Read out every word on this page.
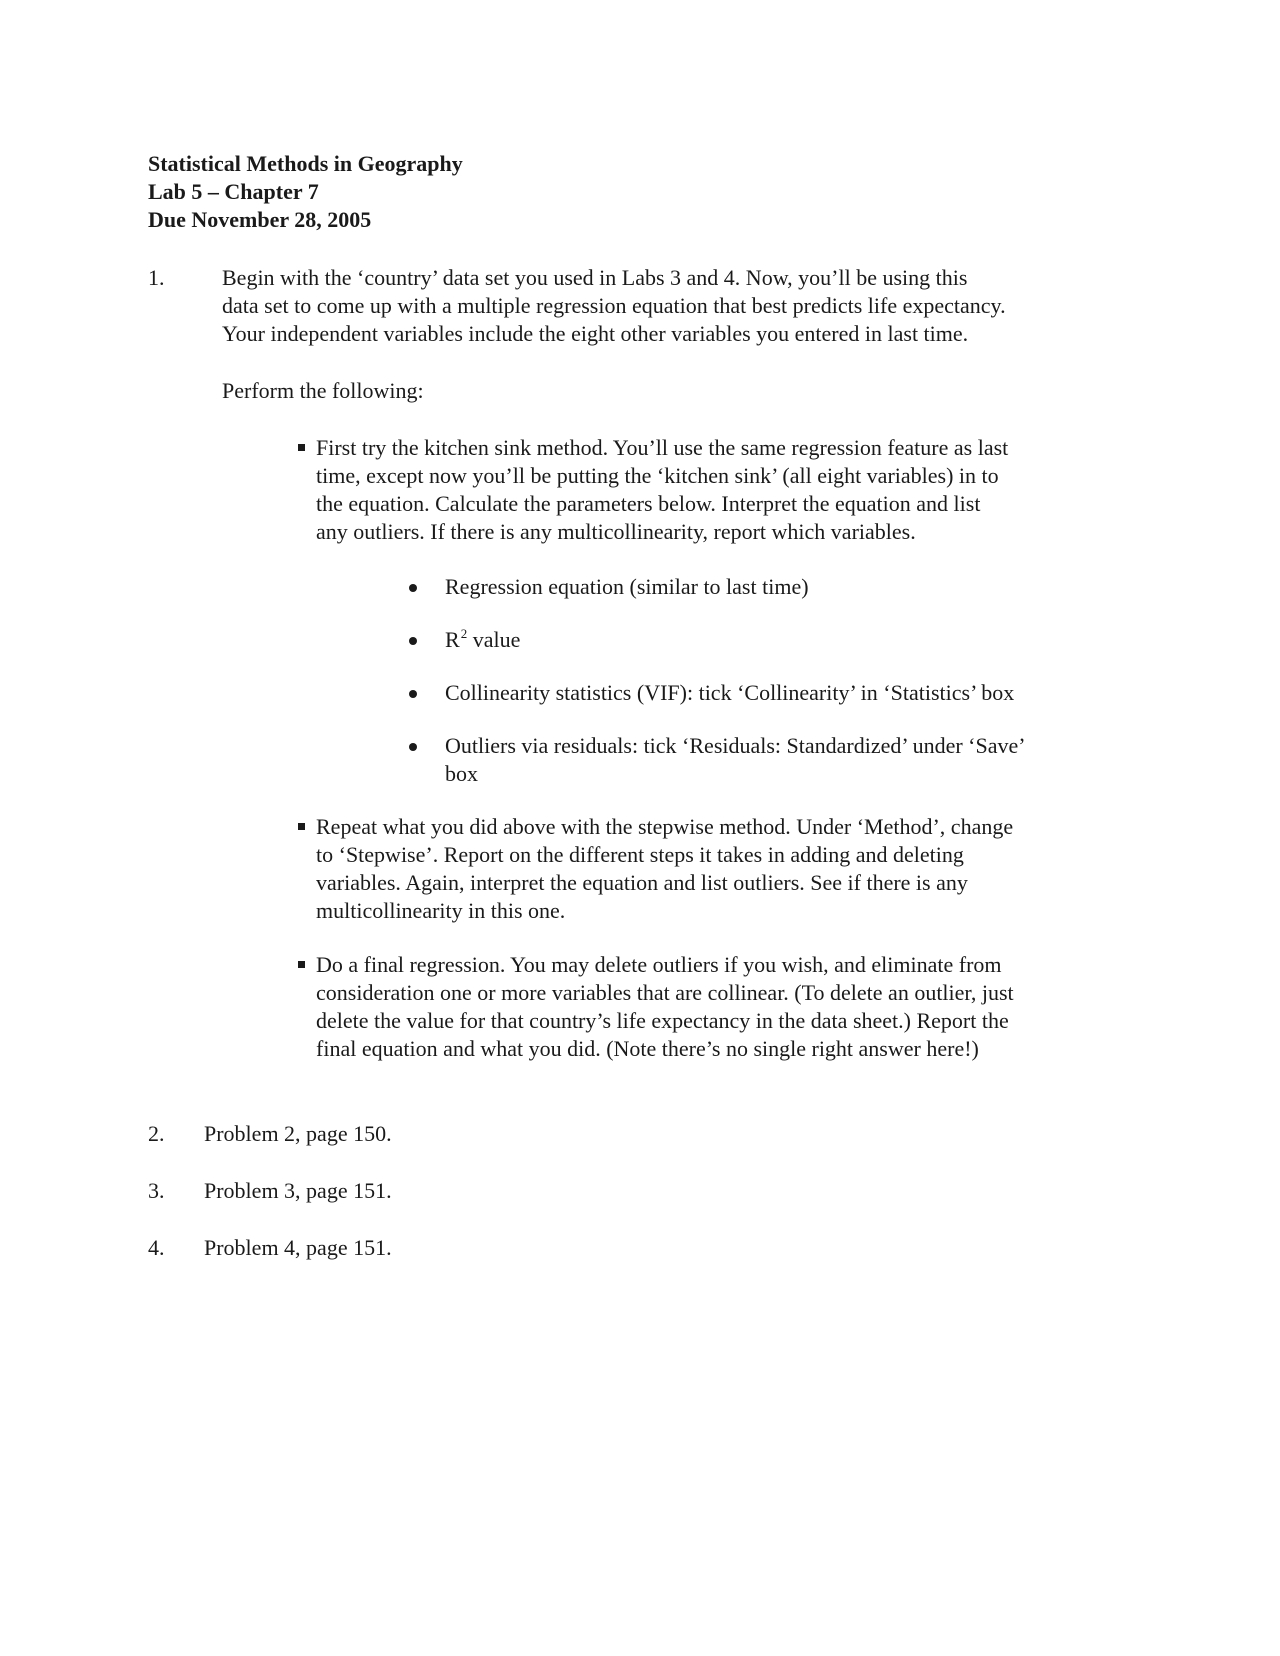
Statistical Methods in Geography
Lab 5 – Chapter 7
Due November 28, 2005
1.	Begin with the ‘country’ data set you used in Labs 3 and 4. Now, you’ll be using this
data set to come up with a multiple regression equation that best predicts life expectancy.
Your independent variables include the eight other variables you entered in last time.
Perform the following:
First try the kitchen sink method. You’ll use the same regression feature as last
time, except now you’ll be putting the ‘kitchen sink’ (all eight variables) in to
the equation. Calculate the parameters below. Interpret the equation and list
any outliers. If there is any multicollinearity, report which variables.
Regression equation (similar to last time)
$R^2$ value
Collinearity statistics (VIF): tick ‘Collinearity’ in ‘Statistics’ box
Outliers via residuals: tick ‘Residuals: Standardized’ under ‘Save’
box
Repeat what you did above with the stepwise method. Under ‘Method’, change
to ‘Stepwise’. Report on the different steps it takes in adding and deleting
variables. Again, interpret the equation and list outliers. See if there is any
multicollinearity in this one.
Do a final regression. You may delete outliers if you wish, and eliminate from
consideration one or more variables that are collinear. (To delete an outlier, just
delete the value for that country’s life expectancy in the data sheet.) Report the
final equation and what you did. (Note there’s no single right answer here!)
2. Problem 2, page 150.
3. Problem 3, page 151.
4. Problem 4, page 151.
